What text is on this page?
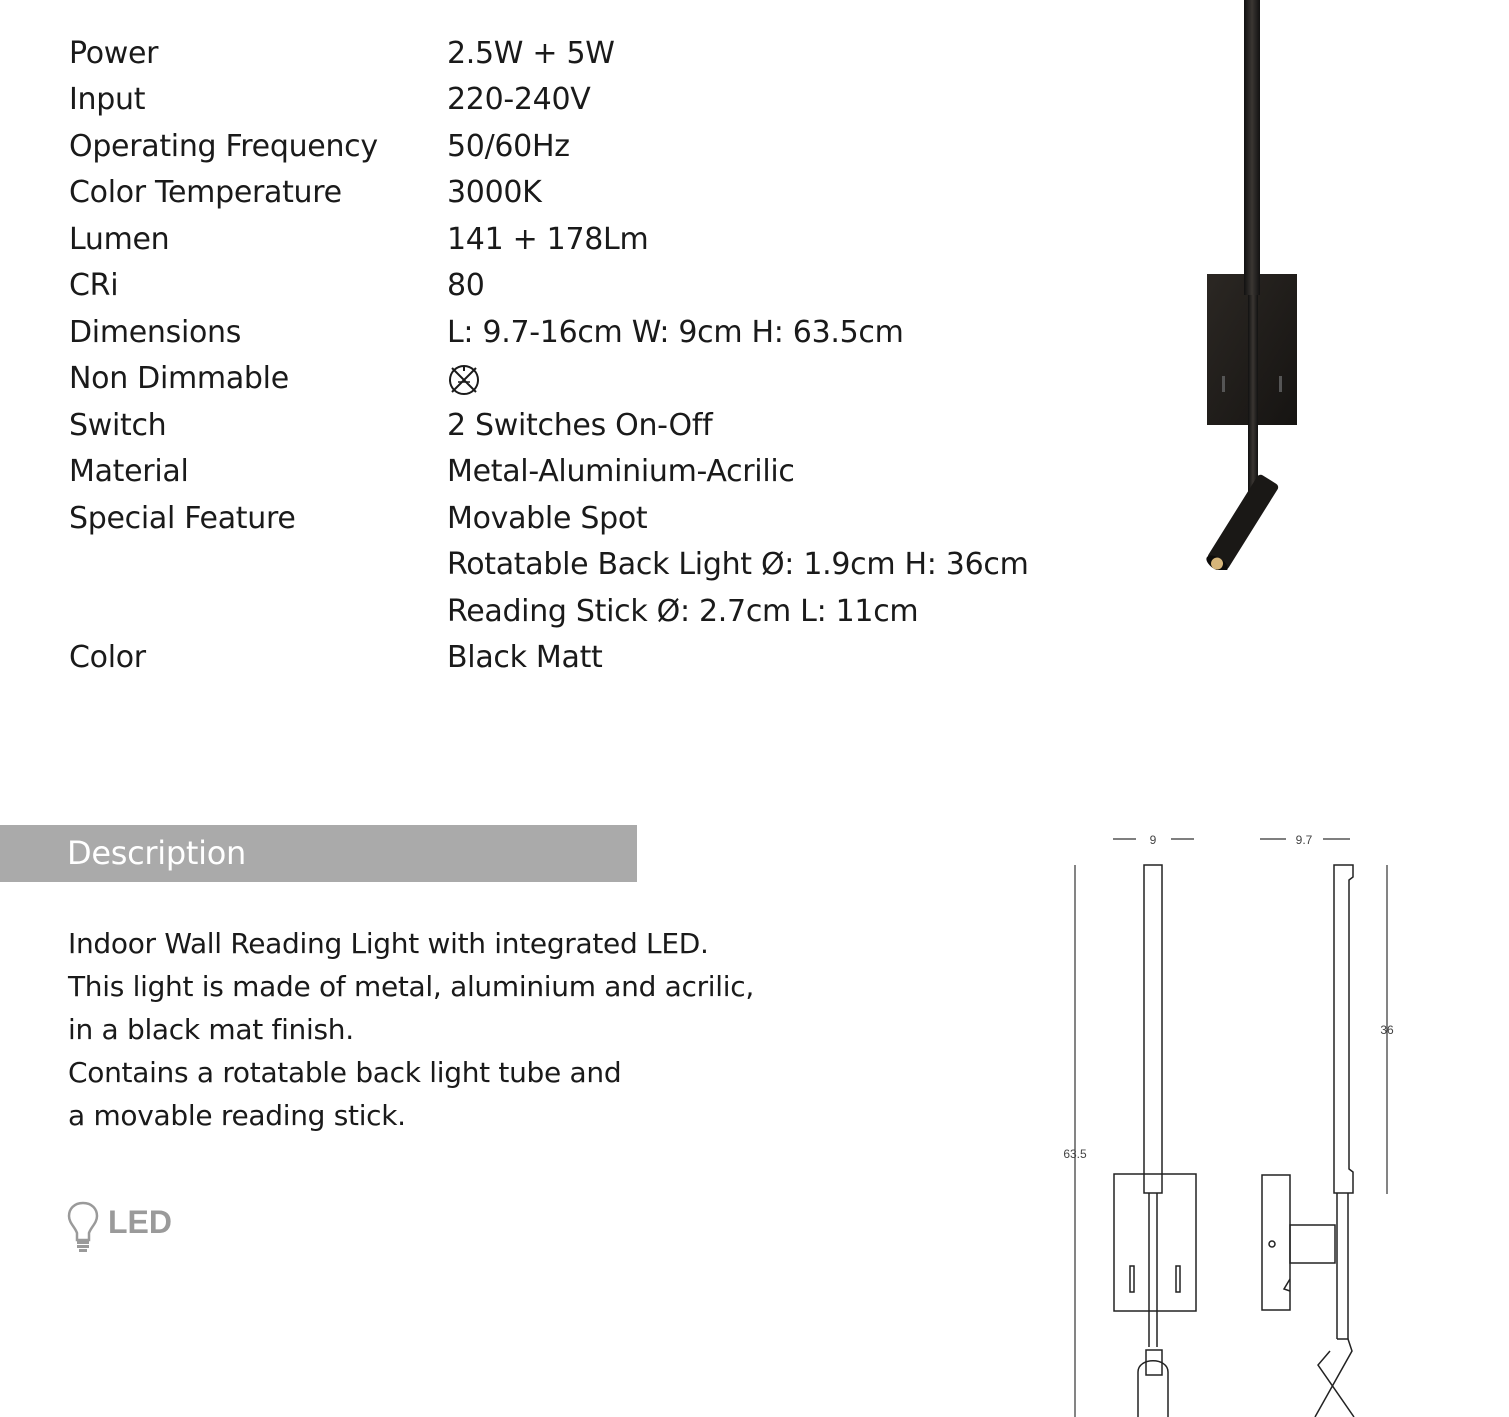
Power	2.5W + 5W
Input	220-240V
Operating Frequency 50/60Hz
Color Temperature	3000K
Lumen	141 + 178Lm
CRi	80
Dimensions	L: 9.7-16cm W: 9cm H: 63.5cm
Non Dimmable
Switch	2 Switches On-Off
Material	Metal-Aluminium-Acrilic
Special Feature	Movable Spot
Rotatable Back Light Ø: 1.9cm H: 36cm
Reading Stick Ø: 2.7cm L: 11cm
Color	Black Matt
Description
Indoor Wall Reading Light with integrated LED.
This light is made of metal, aluminium and acrilic,
in a black mat finish.
Contains a rotatable back light tube and
a movable reading stick.
LED
9	9.7
63.5
36
